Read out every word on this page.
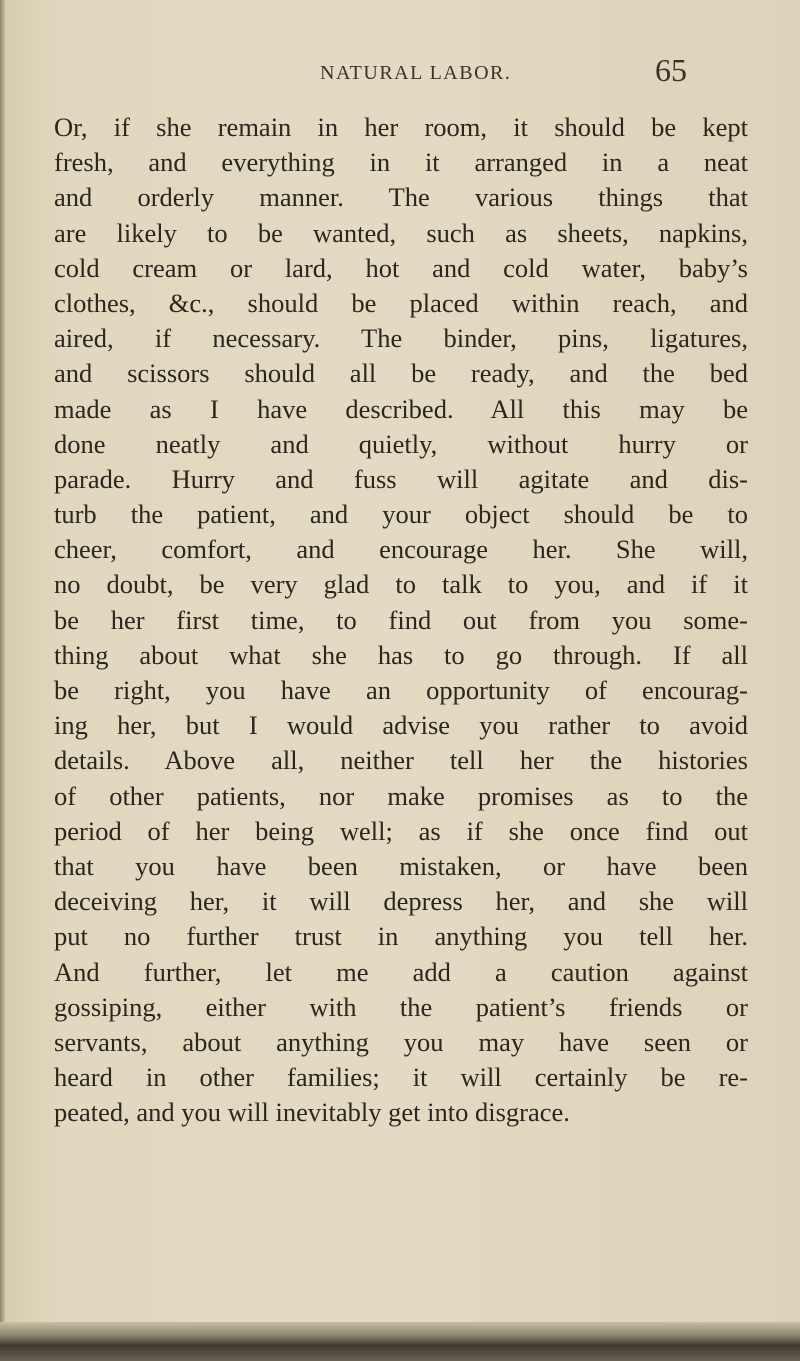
NATURAL LABOR.	65
Or, if she remain in her room, it should be kept
fresh, and everything in it arranged in a neat
and orderly manner. The various things that
are likely to be wanted, such as sheets, napkins,
cold cream or lard, hot and cold water, baby’s
clothes, &c., should be placed within reach, and
aired, if necessary. The binder, pins, ligatures,
and scissors should all be ready, and the bed
made as I have described. All this may be
done neatly and quietly, without hurry or
parade. Hurry and fuss will agitate and dis-
turb the patient, and your object should be to
cheer, comfort, and encourage her. She will,
no doubt, be very glad to talk to you, and if it
be her first time, to find out from you some-
thing about what she has to go through. If all
be right, you have an opportunity of encourag-
ing her, but I would advise you rather to avoid
details. Above all, neither tell her the histories
of other patients, nor make promises as to the
period of her being well; as if she once find out
that you have been mistaken, or have been
deceiving her, it will depress her, and she will
put no further trust in anything you tell her.
And further, let me add a caution against
gossiping, either with the patient’s friends or
servants, about anything you may have seen or
heard in other families; it will certainly be re-
peated, and you will inevitably get into disgrace.
